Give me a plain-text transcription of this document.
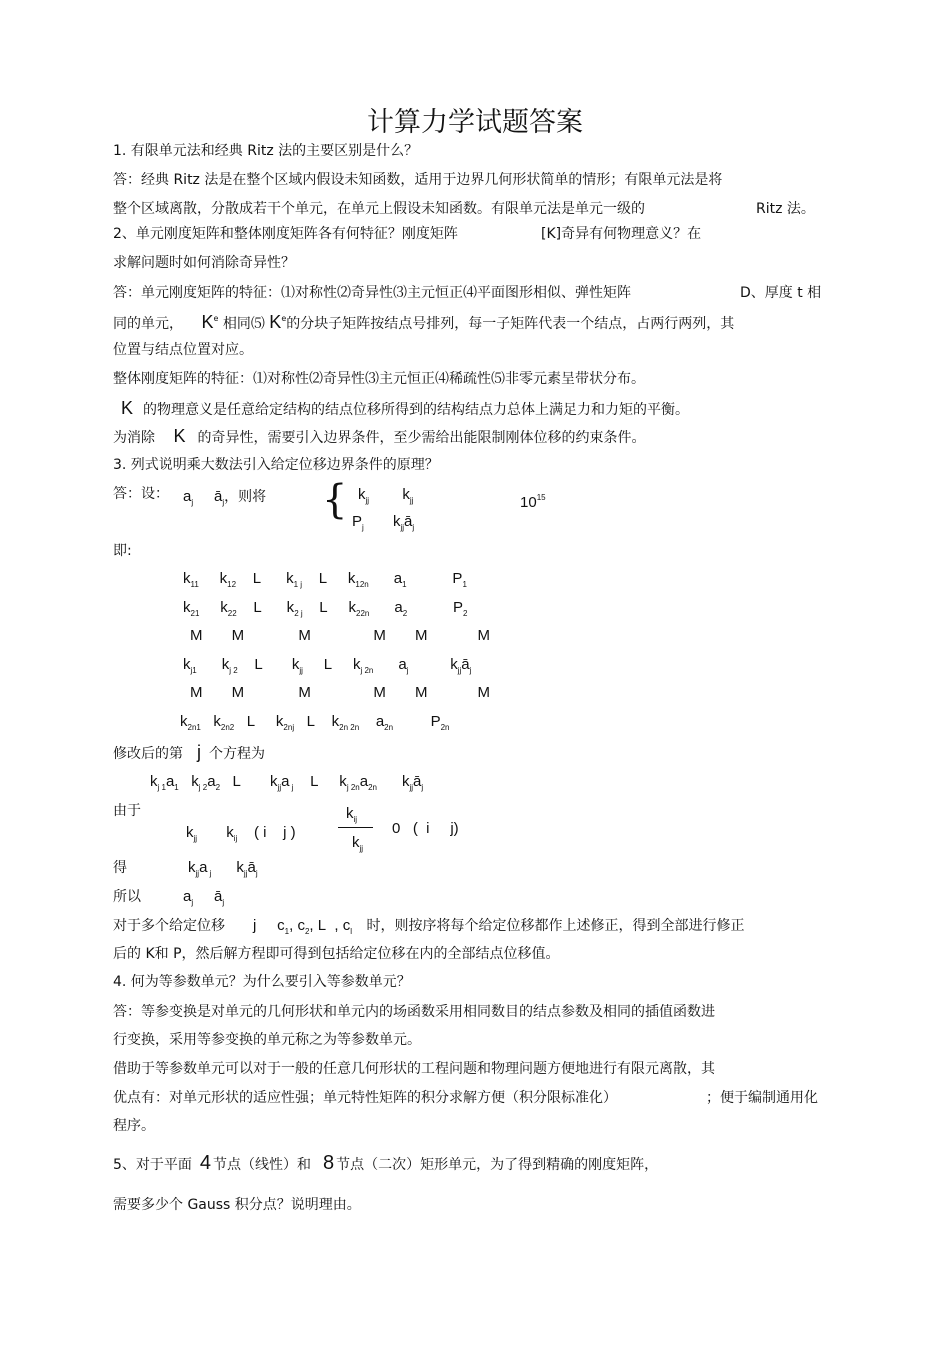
计算力学试题答案
1. 有限单元法和经典 Ritz 法的主要区别是什么？
答：经典 Ritz 法是在整个区域内假设未知函数，适用于边界几何形状简单的情形；有限单元法是将
整个区域离散，分散成若干个单元，在单元上假设未知函数。有限单元法是单元一级的	Ritz 法。
2、单元刚度矩阵和整体刚度矩阵各有何特征？刚度矩阵	[K]奇异有何物理意义？在
求解问题时如何消除奇异性？
答：单元刚度矩阵的特征：⑴对称性⑵奇异性⑶主元恒正⑷平面图形相似、弹性矩阵	D、厚度 t 相
同的单元， $K^e$ 相同⑸ $K^e$的分块子矩阵按结点号排列，每一子矩阵代表一个结点，占两行两列，其
位置与结点位置对应。
整体刚度矩阵的特征：⑴对称性⑵奇异性⑶主元恒正⑷稀疏性⑸非零元素呈带状分布。
K 的物理意义是任意给定结构的结点位移所得到的结构结点力总体上满足力和力矩的平衡。
为消除 K 的奇异性，需要引入边界条件，至少需给出能限制刚体位移的约束条件。
3. 列式说明乘大数法引入给定位移边界条件的原理？
答：设： $a_j$     $ā_j$，则将 { $k_{jj}$        $k_{jj}$
$P_j$       $k_{jj}ā_j$
$10^{15}$
即:
$k_{11}$     $k_{12}$    L      $k_{1 j}$    L     $k_{12n}$      $a_1$           $P_1$
$k_{21}$     $k_{22}$    L      $k_{2 j}$    L     $k_{22n}$      $a_2$           $P_2$
M       M             M               M       M            M
$k_{j1}$      $k_{j 2}$    L       $k_{jj}$     L     $k_{j 2n}$      $a_j$          $k_{jj}ā_j$
M       M             M               M       M            M
$k_{2n1}$   $k_{2n2}$   L     $k_{2nj}$   L    $k_{2n 2n}$    $a_{2n}$         $P_{2n}$
修改后的第 j 个方程为
$k_{j 1}a_1$   $k_{j 2}a_2$   L       $k_{jj}a$ $_j$    L     $k_{j 2n}a_{2n}$      $k_{jj}ā_j$
由于	$k_{ij}$
$k_{jj}$
$k_{jj}$       $k_{ij}$    ( i    j )	0   (  i     j)
得	$k_{jj}a$ $_j$      $k_{jj}ā_j$
所以	$a_j$     $ā_j$
对于多个给定位移 j     $c_1$, $c_2$, L  , $c_l$ 时，则按序将每个给定位移都作上述修正，得到全部进行修正
后的 K和 P，然后解方程即可得到包括给定位移在内的全部结点位移值。
4. 何为等参数单元？为什么要引入等参数单元？
答：等参变换是对单元的几何形状和单元内的场函数采用相同数目的结点参数及相同的插值函数进
行变换，采用等参变换的单元称之为等参数单元。
借助于等参数单元可以对于一般的任意几何形状的工程问题和物理问题方便地进行有限元离散，其
优点有：对单元形状的适应性强；单元特性矩阵的积分求解方便（积分限标准化）	；便于编制通用化
程序。
5、对于平面 4 节点（线性）和 8 节点（二次）矩形单元，为了得到精确的刚度矩阵，
需要多少个 Gauss 积分点？说明理由。
